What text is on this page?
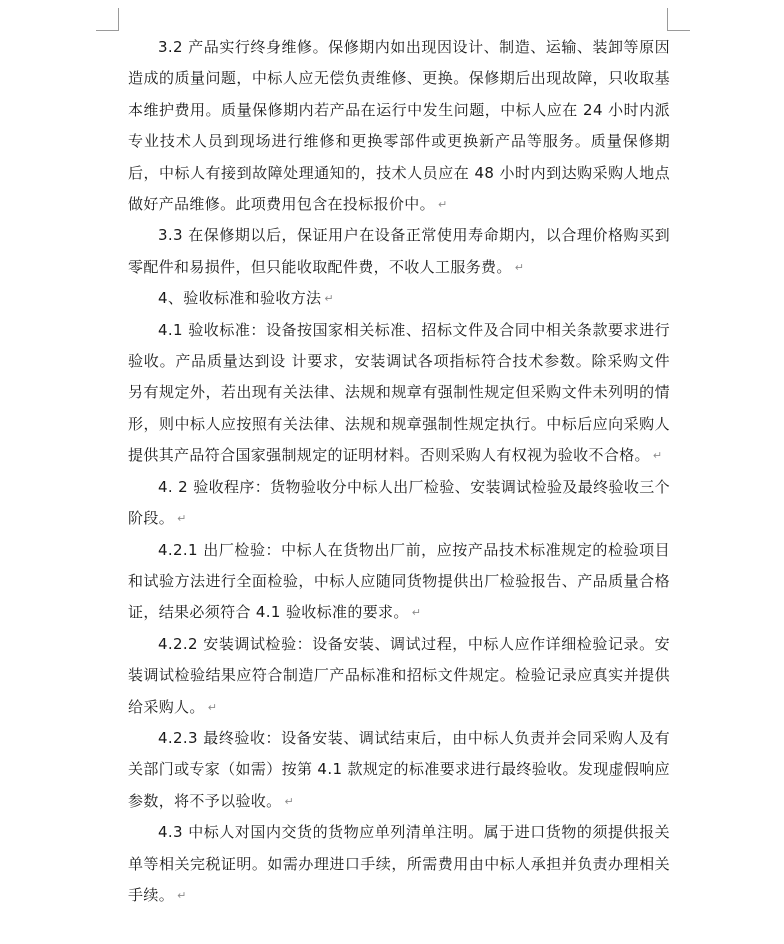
3.2 产品实行终身维修。保修期内如出现因设计、制造、运输、装卸等原因造成的质量问题，中标人应无偿负责维修、更换。保修期后出现故障，只收取基本维护费用。质量保修期内若产品在运行中发生问题，中标人应在 24 小时内派专业技术人员到现场进行维修和更换零部件或更换新产品等服务。质量保修期后，中标人有接到故障处理通知的，技术人员应在 48 小时内到达购采购人地点做好产品维修。此项费用包含在投标报价中。 ↵

3.3 在保修期以后，保证用户在设备正常使用寿命期内，以合理价格购买到零配件和易损件，但只能收取配件费，不收人工服务费。 ↵

4、验收标准和验收方法 ↵

4.1 验收标准：设备按国家相关标准、招标文件及合同中相关条款要求进行验收。产品质量达到设 计要求，安装调试各项指标符合技术参数。除采购文件另有规定外，若出现有关法律、法规和规章有强制性规定但采购文件未列明的情形，则中标人应按照有关法律、法规和规章强制性规定执行。中标后应向采购人提供其产品符合国家强制规定的证明材料。否则采购人有权视为验收不合格。 ↵

4. 2 验收程序：货物验收分中标人出厂检验、安装调试检验及最终验收三个阶段。 ↵

4.2.1 出厂检验：中标人在货物出厂前，应按产品技术标准规定的检验项目和试验方法进行全面检验，中标人应随同货物提供出厂检验报告、产品质量合格证，结果必须符合 4.1 验收标准的要求。 ↵

4.2.2 安装调试检验：设备安装、调试过程，中标人应作详细检验记录。安装调试检验结果应符合制造厂产品标准和招标文件规定。检验记录应真实并提供给采购人。 ↵

4.2.3 最终验收：设备安装、调试结束后，由中标人负责并会同采购人及有关部门或专家（如需）按第 4.1 款规定的标准要求进行最终验收。发现虚假响应参数，将不予以验收。 ↵

4.3 中标人对国内交货的货物应单列清单注明。属于进口货物的须提供报关单等相关完税证明。如需办理进口手续，所需费用由中标人承担并负责办理相关手续。 ↵
